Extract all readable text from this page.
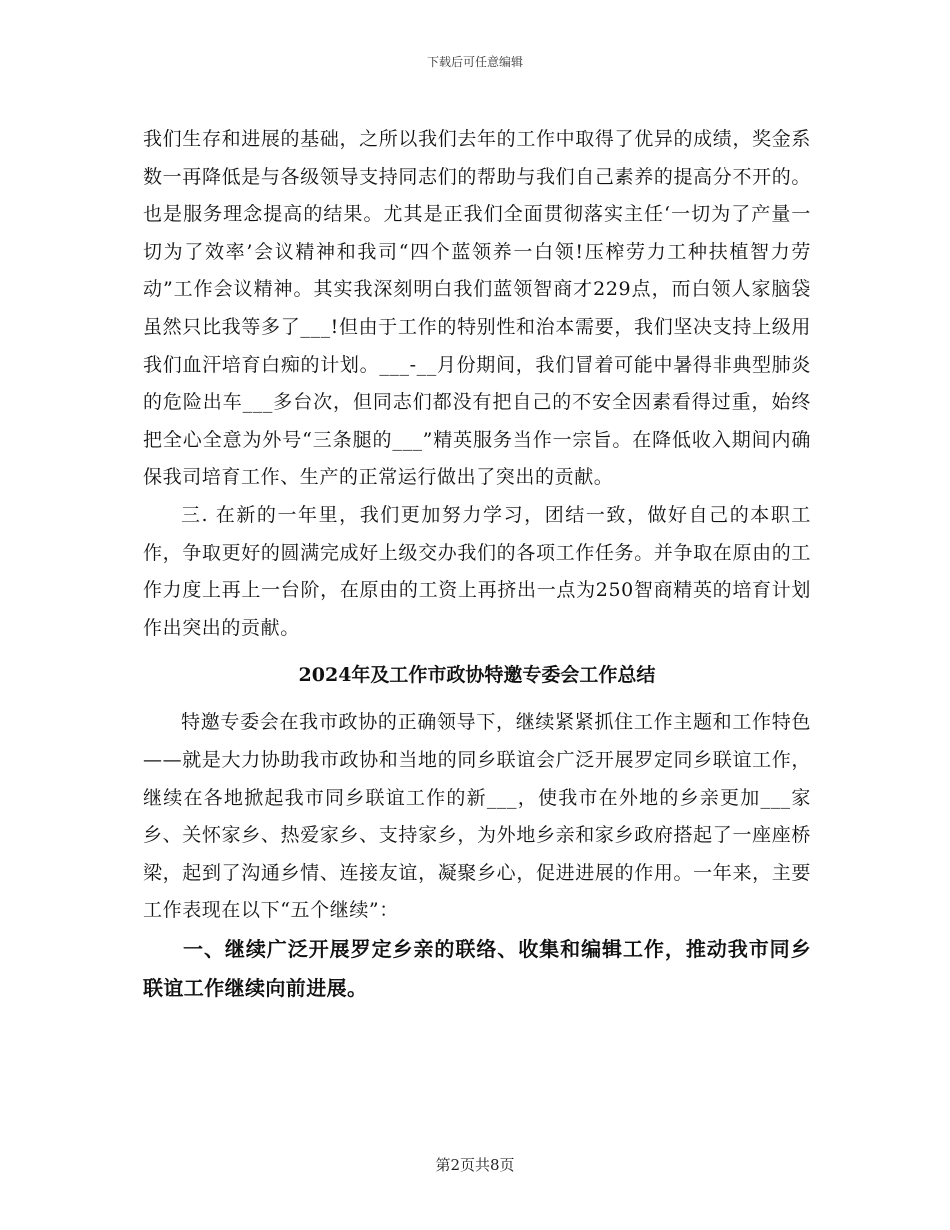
下载后可任意编辑

我们生存和进展的基础，之所以我们去年的工作中取得了优异的成绩，奖金系数一再降低是与各级领导支持同志们的帮助与我们自己素养的提高分不开的。也是服务理念提高的结果。尤其是正我们全面贯彻落实主任‘一切为了产量一切为了效率’会议精神和我司“四个蓝领养一白领!压榨劳力工种扶植智力劳动”工作会议精神。其实我深刻明白我们蓝领智商才229点，而白领人家脑袋虽然只比我等多了___!但由于工作的特别性和治本需要，我们坚决支持上级用我们血汗培育白痴的计划。___-__月份期间，我们冒着可能中暑得非典型肺炎的危险出车___多台次，但同志们都没有把自己的不安全因素看得过重，始终把全心全意为外号“三条腿的___”精英服务当作一宗旨。在降低收入期间内确保我司培育工作、生产的正常运行做出了突出的贡献。

三. 在新的一年里，我们更加努力学习，团结一致，做好自己的本职工作，争取更好的圆满完成好上级交办我们的各项工作任务。并争取在原由的工作力度上再上一台阶，在原由的工资上再挤出一点为250智商精英的培育计划作出突出的贡献。

2024年及工作市政协特邀专委会工作总结

特邀专委会在我市政协的正确领导下，继续紧紧抓住工作主题和工作特色——就是大力协助我市政协和当地的同乡联谊会广泛开展罗定同乡联谊工作，继续在各地掀起我市同乡联谊工作的新___，使我市在外地的乡亲更加___家乡、关怀家乡、热爱家乡、支持家乡，为外地乡亲和家乡政府搭起了一座座桥梁，起到了沟通乡情、连接友谊，凝聚乡心，促进进展的作用。一年来，主要工作表现在以下“五个继续”：

一、继续广泛开展罗定乡亲的联络、收集和编辑工作，推动我市同乡联谊工作继续向前进展。

第2页共8页
